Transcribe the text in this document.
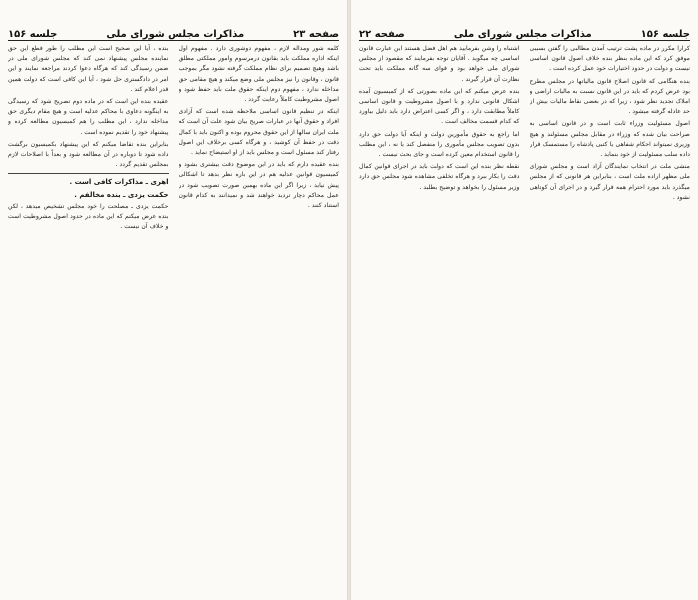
صفحه ۲۳
مذاکرات مجلس شورای ملی
جلسه ۱۵۶

کلمه شور ومداله لازم ، مفهوم دوشوری دارد . مفهوم اول اینکه اداره مملکت باید بقانون درمرسوم وامور مملکتی مطلق باشد وهیچ تصمیم برای نظام مملکت گرفته نشود مگر بموجب قانون ، وقانون را نیز مجلس ملی وضع میکند و هیچ مقامی حق مداخله ندارد ، مفهوم دوم اینکه حقوق ملت باید حفظ شود و اصول مشروطیت کاملاً رعایت گردد .

اینکه در تنظیم قانون اساسی ملاحظه شده است که آزادی افراد و حقوق آنها در عبارات صریح بیان شود علت آن است که ملت ایران سالها از این حقوق محروم بوده و اکنون باید با کمال دقت در حفظ آن کوشید ، و هرگاه کسی برخلاف این اصول رفتار کند مسئول است و مجلس باید از او استیضاح نماید .

بنده عقیده دارم که باید در این موضوع دقت بیشتری بشود و کمیسیون قوانین عدلیه هم در این باره نظر بدهد تا اشکالی پیش نیاید ، زیرا اگر این ماده بهمین صورت تصویب شود در عمل محاکم دچار تردید خواهند شد و نمیدانند به کدام قانون استناد کنند .

بنده ، آیا این صحیح است این مطلب را طور قطع این حق نماینده مجلس پیشنهاد نمی کند که مجلس شورای ملی در ضمن رسیدگی کند که هرگاه دعوا کردند مراجعه نمایند و این امر در دادگستری حل شود ، آیا این کافی است که دولت همین قدر اعلام کند .

عقیده بنده این است که در ماده دوم تصریح شود که رسیدگی به اینگونه دعاوی با محاکم عدلیه است و هیچ مقام دیگری حق مداخله ندارد ، این مطلب را هم کمیسیون مطالعه کرده و پیشنهاد خود را تقدیم نموده است .

بنابراین بنده تقاضا میکنم که این پیشنهاد بکمیسیون برگشت داده شود تا دوباره در آن مطالعه شود و بعداً با اصلاحات لازم بمجلس تقدیم گردد .

اهری ـ مذاکرات کافی است .

حکمت یزدی ـ بنده مخالفم .

حکمت یزدی ـ مصلحت را خود مجلس تشخیص میدهد ، لکن بنده عرض میکنم که این ماده در حدود اصول مشروطیت است و خلاف آن نیست .

جلسه ۱۵۶
مذاکرات مجلس شورای ملی
صفحه ۲۲

کرارا مکرر در ماده پشت ترتیب آمدن مطالبی را گفتن بسیبی موفق کرد که این ماده بنظر بنده خلاف اصول قانون اساسی نیست و دولت در حدود اختیارات خود عمل کرده است .

بنده هنگامی که قانون اصلاح قانون مالیاتها در مجلس مطرح بود عرض کردم که باید در این قانون نسبت به مالیات اراضی و املاک تجدید نظر شود ، زیرا که در بعضی نقاط مالیات بیش از حد عادله گرفته میشود .

اصول مسئولیت وزراء ثابت است و در قانون اساسی به صراحت بیان شده که وزراء در مقابل مجلس مسئولند و هیچ وزیری نمیتواند احکام شفاهی یا کتبی پادشاه را مستمسک قرار داده سلب مسئولیت از خود بنماید .

منشی ملت در انتخاب نمایندگان آزاد است و مجلس شورای ملی مظهر اراده ملت است ، بنابراین هر قانونی که از مجلس میگذرد باید مورد احترام همه قرار گیرد و در اجرای آن کوتاهی نشود .

اشتباه را وشن بفرمایید هم اهل فضل هستند این عبارت قانون اساسی چه میگوید . آقایان توجه بفرمایند که مقصود از مجلس شورای ملی خواهد بود و قوای سه گانه مملکت باید تحت نظارت آن قرار گیرند .

بنده عرض میکنم که این ماده بصورتی که از کمیسیون آمده اشکال قانونی ندارد و با اصول مشروطیت و قانون اساسی کاملاً مطابقت دارد ، و اگر کسی اعتراض دارد باید دلیل بیاورد که کدام قسمت مخالف است .

اما راجع به حقوق مأمورین دولت و اینکه آیا دولت حق دارد بدون تصویب مجلس مأموری را منفصل کند یا نه ، این مطلب را قانون استخدام معین کرده است و جای بحث نیست .

نقطه نظر بنده این است که دولت باید در اجرای قوانین کمال دقت را بکار ببرد و هرگاه تخلفی مشاهده شود مجلس حق دارد وزیر مسئول را بخواهد و توضیح بطلبد .
